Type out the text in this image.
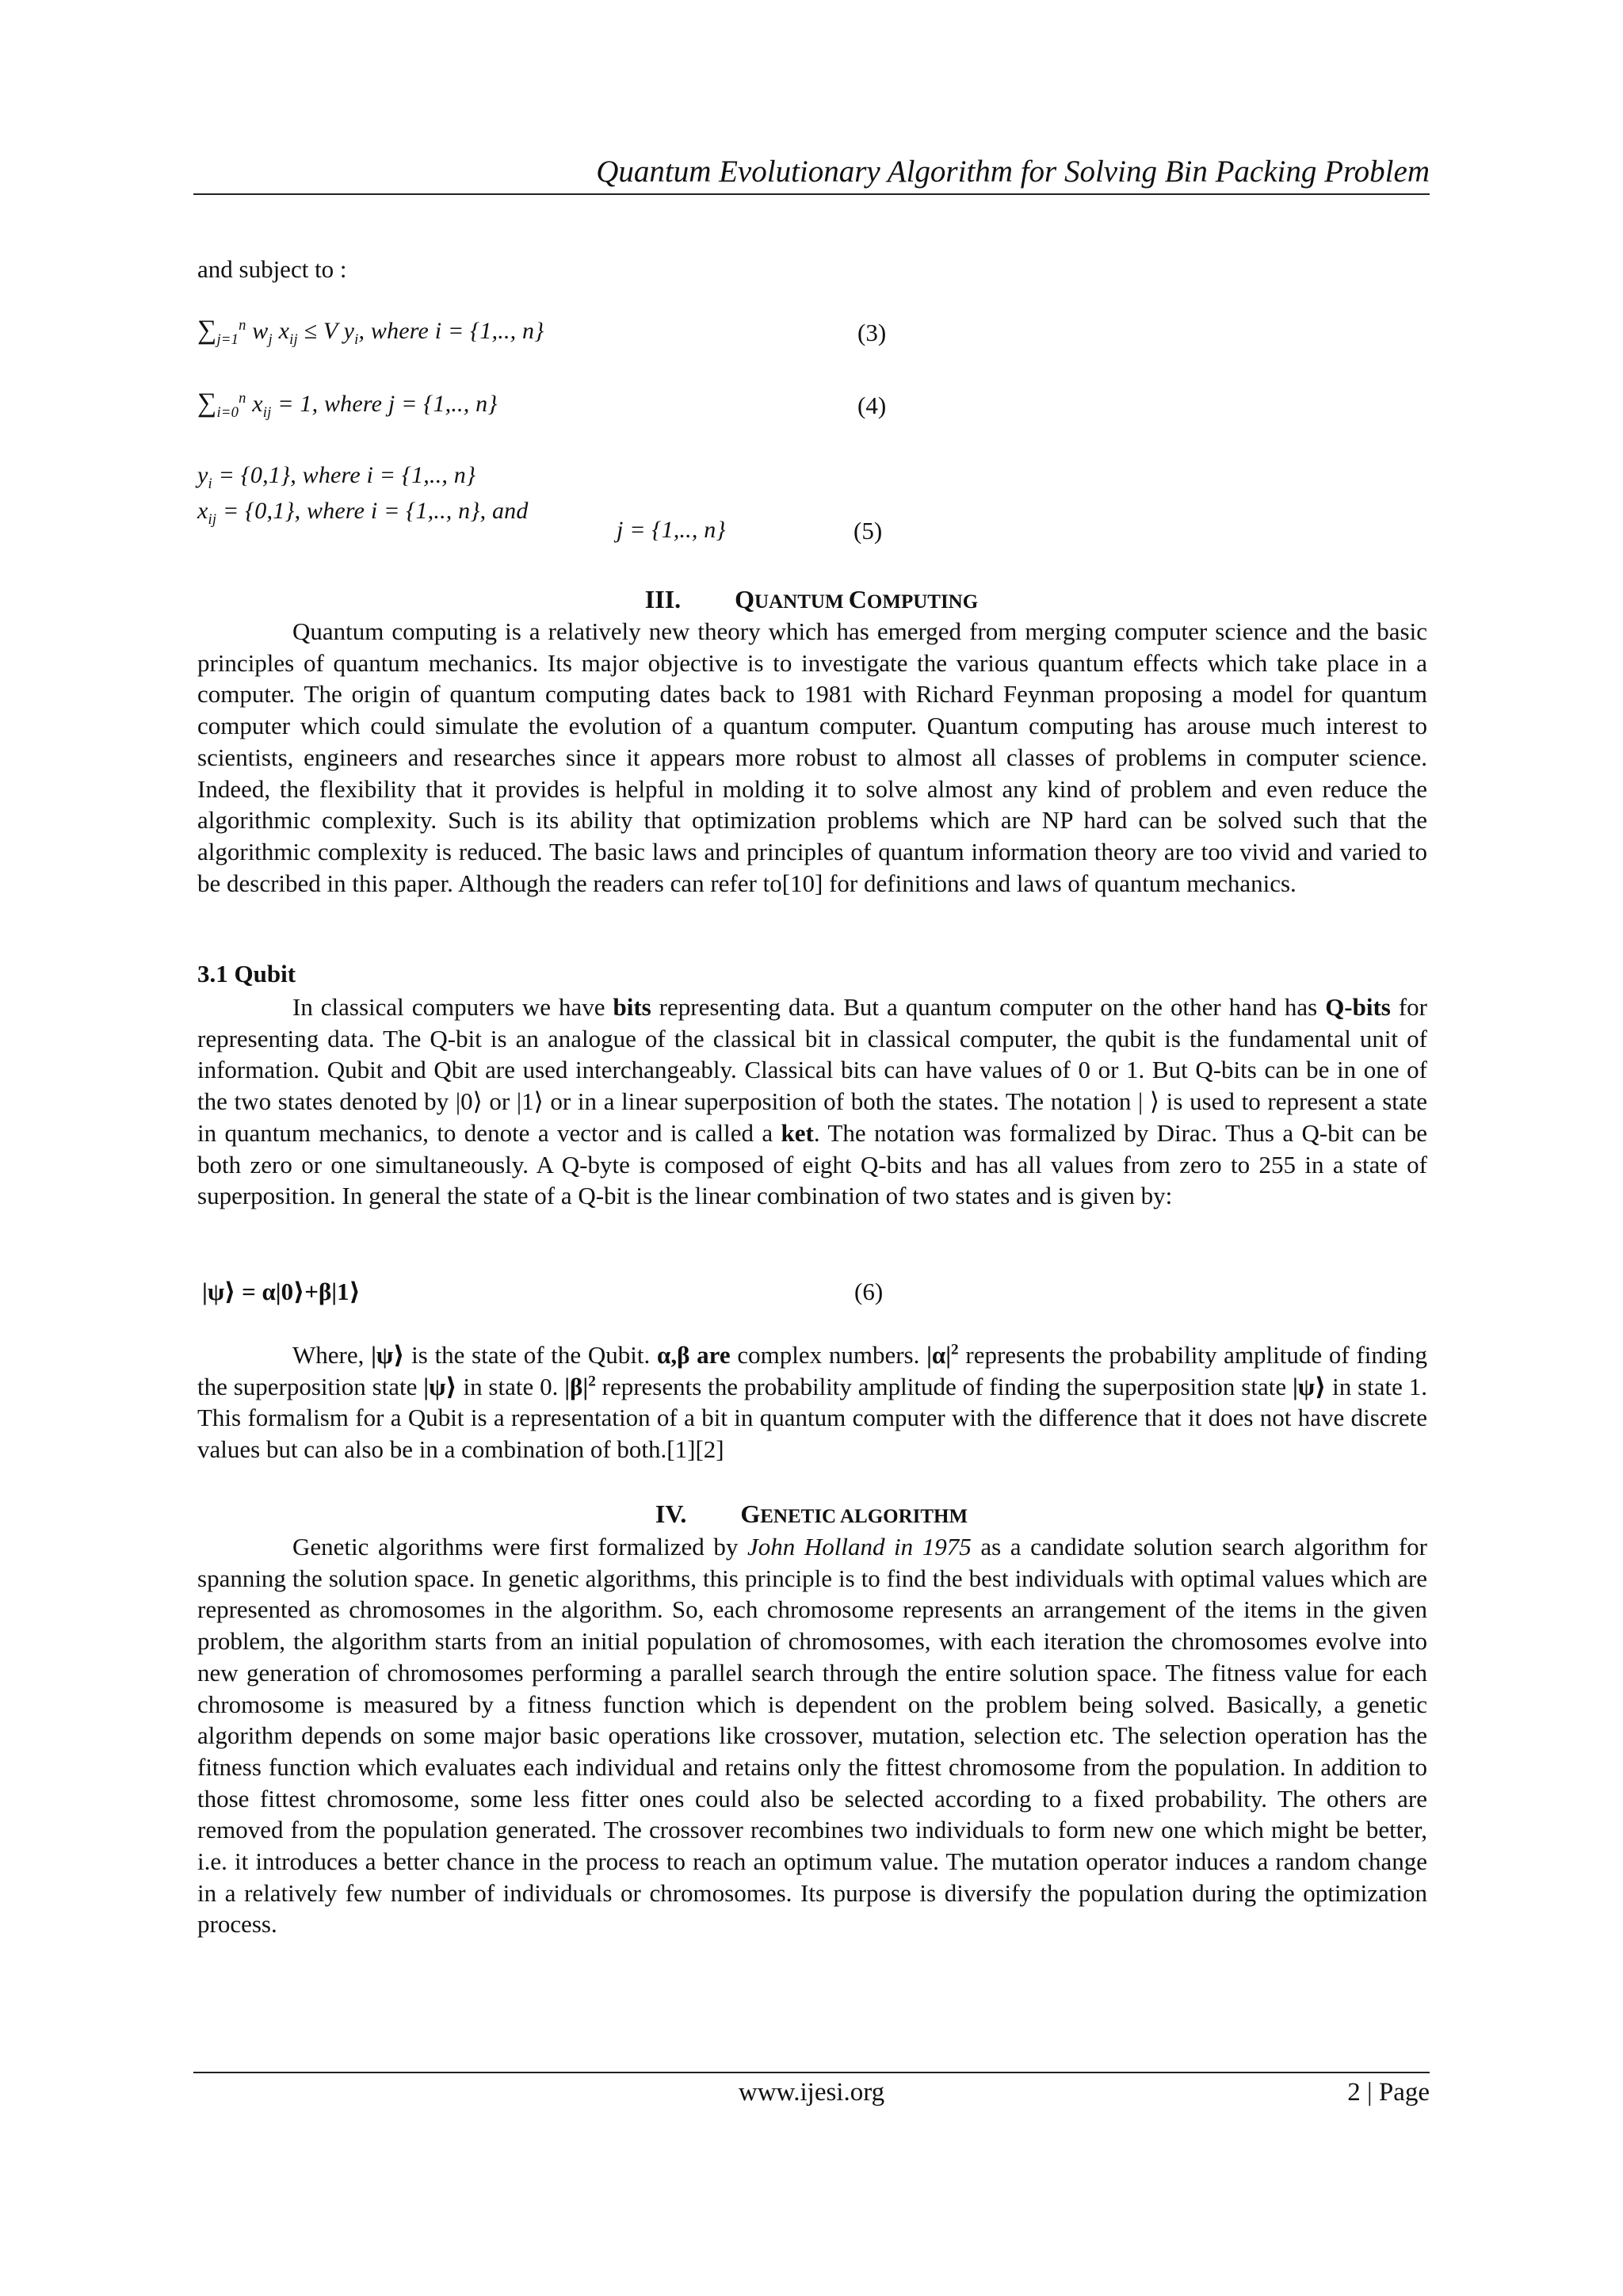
Quantum Evolutionary Algorithm for Solving Bin Packing Problem
and subject to :
$\sum_{j=1}^n$ $w_j$ $x_{ij} \le V$ $y_i$, where i = {1,.., n}	(3)
$\sum_{i=0}^n$ $x_{ij} = 1$, where j = {1,.., n}	(4)
$y_i = \{0,1\}$, where i = {1,.., n}
$x_{ij} = \{0,1\}$, where i = {1,.., n}, and
j = {1,.., n}	(5)
III. QUANTUM COMPUTING
Quantum computing is a relatively new theory which has emerged from merging computer science and the basic principles of quantum mechanics. Its major objective is to investigate the various quantum effects which take place in a computer. The origin of quantum computing dates back to 1981 with Richard Feynman proposing a model for quantum computer which could simulate the evolution of a quantum computer. Quantum computing has arouse much interest to scientists, engineers and researches since it appears more robust to almost all classes of problems in computer science. Indeed, the flexibility that it provides is helpful in molding it to solve almost any kind of problem and even reduce the algorithmic complexity. Such is its ability that optimization problems which are NP hard can be solved such that the algorithmic complexity is reduced. The basic laws and principles of quantum information theory are too vivid and varied to be described in this paper. Although the readers can refer to[10] for definitions and laws of quantum mechanics.
3.1 Qubit
In classical computers we have bits representing data. But a quantum computer on the other hand has Q-bits for representing data. The Q-bit is an analogue of the classical bit in classical computer, the qubit is the fundamental unit of information. Qubit and Qbit are used interchangeably. Classical bits can have values of 0 or 1. But Q-bits can be in one of the two states denoted by |0⟩ or |1⟩ or in a linear superposition of both the states. The notation | ⟩ is used to represent a state in quantum mechanics, to denote a vector and is called a ket. The notation was formalized by Dirac. Thus a Q-bit can be both zero or one simultaneously. A Q-byte is composed of eight Q-bits and has all values from zero to 255 in a state of superposition. In general the state of a Q-bit is the linear combination of two states and is given by:
|ψ⟩ = α|0⟩+β|1⟩	(6)
Where, |ψ⟩ is the state of the Qubit. α,β are complex numbers. $|\alpha|^2$ represents the probability amplitude of finding the superposition state |ψ⟩ in state 0. $|\beta|^2$ represents the probability amplitude of finding the superposition state |ψ⟩ in state 1. This formalism for a Qubit is a representation of a bit in quantum computer with the difference that it does not have discrete values but can also be in a combination of both.[1][2]
IV. GENETIC ALGORITHM
Genetic algorithms were first formalized by John Holland in 1975 as a candidate solution search algorithm for spanning the solution space. In genetic algorithms, this principle is to find the best individuals with optimal values which are represented as chromosomes in the algorithm. So, each chromosome represents an arrangement of the items in the given problem, the algorithm starts from an initial population of chromosomes, with each iteration the chromosomes evolve into new generation of chromosomes performing a parallel search through the entire solution space. The fitness value for each chromosome is measured by a fitness function which is dependent on the problem being solved. Basically, a genetic algorithm depends on some major basic operations like crossover, mutation, selection etc. The selection operation has the fitness function which evaluates each individual and retains only the fittest chromosome from the population. In addition to those fittest chromosome, some less fitter ones could also be selected according to a fixed probability. The others are removed from the population generated. The crossover recombines two individuals to form new one which might be better, i.e. it introduces a better chance in the process to reach an optimum value. The mutation operator induces a random change in a relatively few number of individuals or chromosomes. Its purpose is diversify the population during the optimization process.
www.ijesi.org	2 | Page
